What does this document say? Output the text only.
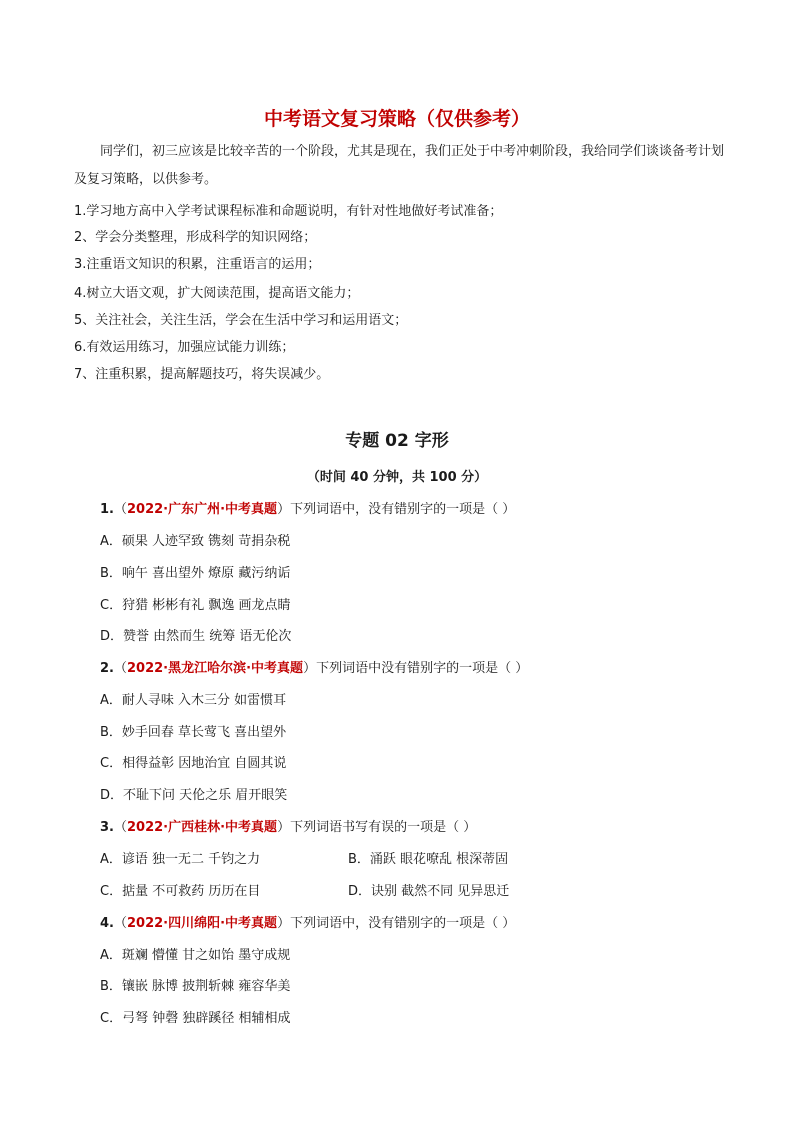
中考语文复习策略（仅供参考）

同学们，初三应该是比较辛苦的一个阶段，尤其是现在，我们正处于中考冲刺阶段，我给同学们谈谈备考计划及复习策略，以供参考。

1.学习地方高中入学考试课程标准和命题说明，有针对性地做好考试准备；
2、学会分类整理，形成科学的知识网络；
3.注重语文知识的积累，注重语言的运用；
4.树立大语文观，扩大阅读范围，提高语文能力；
5、关注社会，关注生活，学会在生活中学习和运用语文；
6.有效运用练习，加强应试能力训练；
7、注重积累，提高解题技巧，将失误减少。
专题 02 字形
（时间 40 分钟，共 100 分）
1.（2022·广东广州·中考真题）下列词语中，没有错别字的一项是（ ）
A．硕果 人迹罕致 镌刻 苛捐杂税
B．响午 喜出望外 燎原 藏污纳诟
C．狩猎 彬彬有礼 飘逸 画龙点睛
D．赞誉 由然而生 统筹 语无伦次
2.（2022·黑龙江哈尔滨·中考真题）下列词语中没有错别字的一项是（ ）
A．耐人寻味 入木三分 如雷惯耳
B．妙手回春 草长莺飞 喜出望外
C．相得益彰 因地治宜 自圆其说
D．不耻下问 天伦之乐 眉开眼笑
3.（2022·广西桂林·中考真题）下列词语书写有误的一项是（ ）
A．谚语 独一无二 千钧之力	B．涌跃 眼花嘹乱 根深蒂固
C．掂量 不可救药 历历在目	D．诀别 截然不同 见异思迁
4.（2022·四川绵阳·中考真题）下列词语中，没有错别字的一项是（ ）
A．斑斓 懵懂 甘之如饴 墨守成规
B．镶嵌 脉博 披荆斩棘 雍容华美
C．弓弩 钟磬 独辟蹊径 相辅相成
